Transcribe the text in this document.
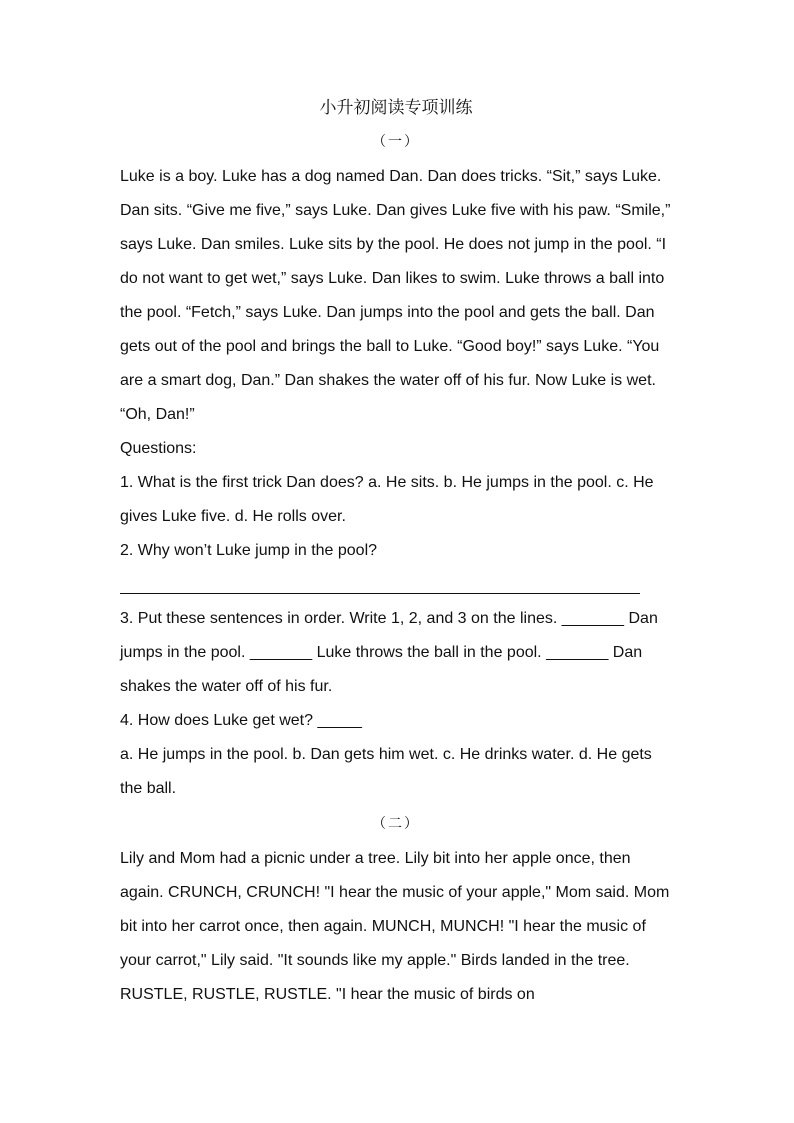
小升初阅读专项训练
（一）

Luke is a boy. Luke has a dog named Dan. Dan does tricks. “Sit,” says Luke. Dan sits. “Give me five,” says Luke. Dan gives Luke five with his paw. “Smile,” says Luke. Dan smiles. Luke sits by the pool. He does not jump in the pool. “I do not want to get wet,” says Luke. Dan likes to swim. Luke throws a ball into the pool. “Fetch,” says Luke. Dan jumps into the pool and gets the ball. Dan gets out of the pool and brings the ball to Luke. “Good boy!” says Luke. “You are a smart dog, Dan.” Dan shakes the water off of his fur. Now Luke is wet. “Oh, Dan!”

Questions:

1. What is the first trick Dan does? a. He sits. b. He jumps in the pool. c. He gives Luke five. d. He rolls over.

2. Why won’t Luke jump in the pool?

3. Put these sentences in order. Write 1, 2, and 3 on the lines. _______ Dan jumps in the pool. _______ Luke throws the ball in the pool. _______ Dan shakes the water off of his fur.

4. How does Luke get wet? _____

a. He jumps in the pool. b. Dan gets him wet. c. He drinks water. d. He gets the ball.

（二）

Lily and Mom had a picnic under a tree. Lily bit into her apple once, then again. CRUNCH, CRUNCH! "I hear the music of your apple," Mom said. Mom bit into her carrot once, then again. MUNCH, MUNCH! "I hear the music of your carrot," Lily said. "It sounds like my apple." Birds landed in the tree. RUSTLE, RUSTLE, RUSTLE. "I hear the music of birds on
